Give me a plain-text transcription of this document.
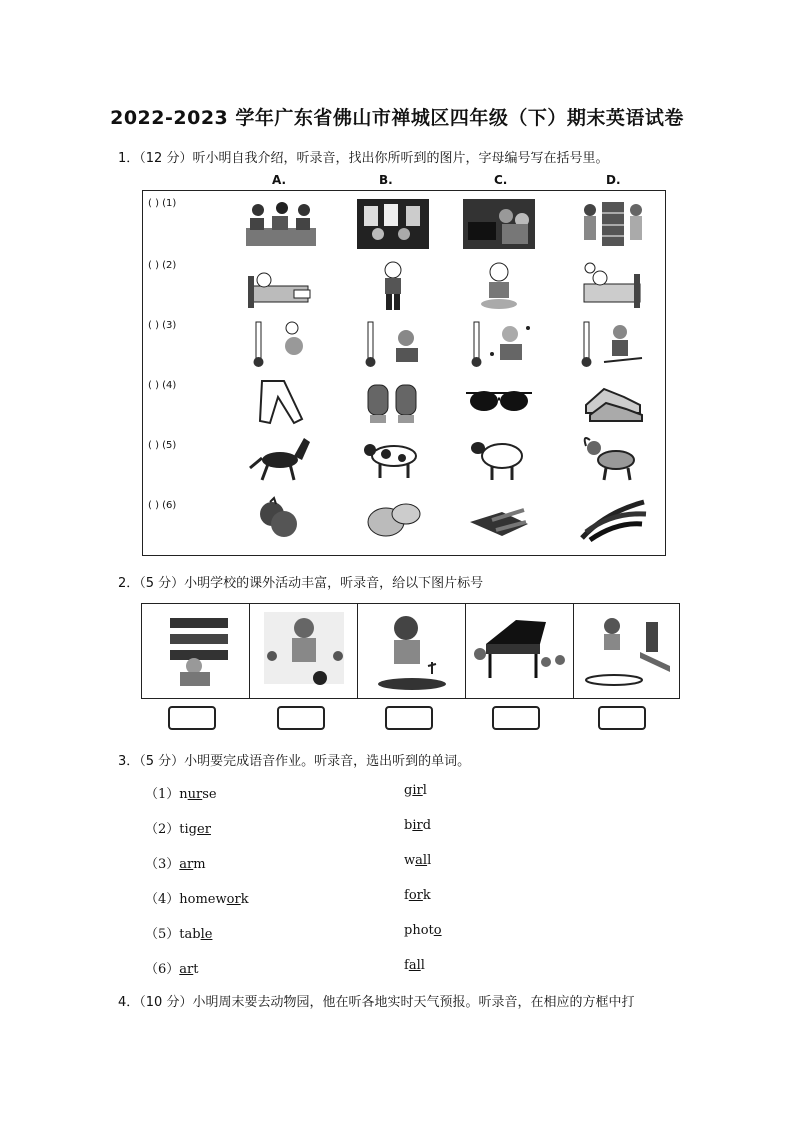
2022-2023 学年广东省佛山市禅城区四年级（下）期末英语试卷
1．（12 分）听小明自我介绍，听录音，找出你所听到的图片，字母编号写在括号里。
A.	B.	C.	D.
( ) (1)
( ) (2)
( ) (3)
( ) (4)
( ) (5)
( ) (6)
2．（5 分）小明学校的课外活动丰富，听录音，给以下图片标号
3．（5 分）小明要完成语音作业。听录音，选出听到的单词。
（1）nurse	girl
（2）tiger	bird
（3）arm	wall
（4）homework	fork
（5）table	photo
（6）art	fall
4．（10 分）小明周末要去动物园，他在听各地实时天气预报。听录音，在相应的方框中打
